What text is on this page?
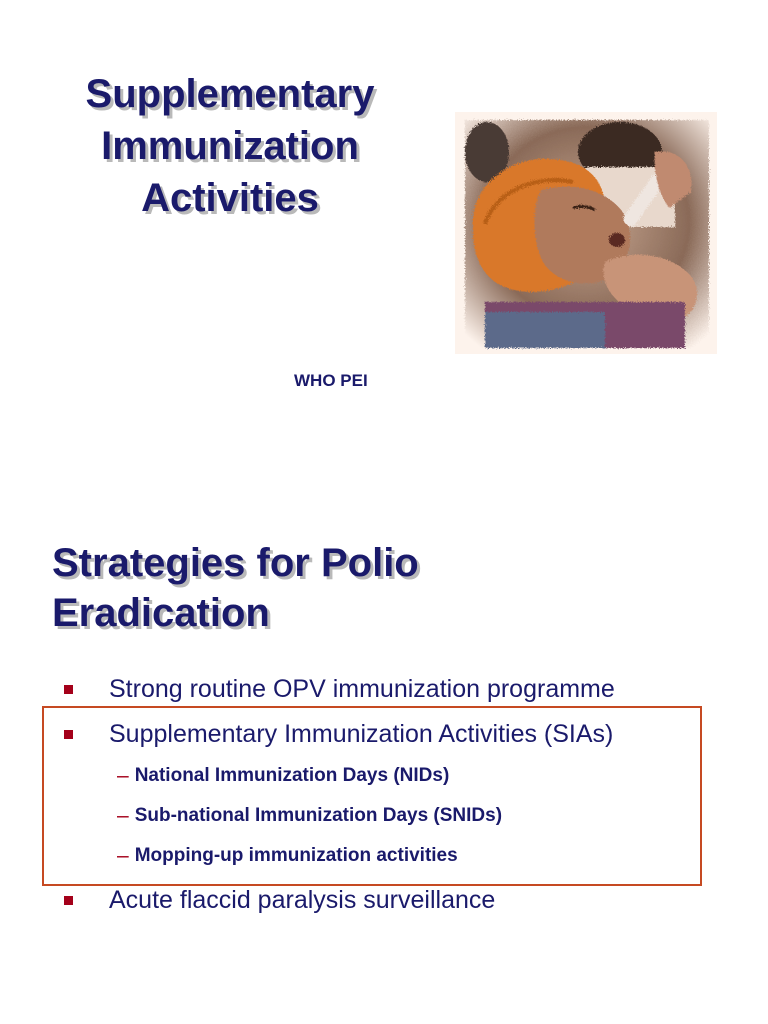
Supplementary
Immunization
Activities

WHO PEI

Strategies for Polio
Eradication
Strong routine OPV immunization programme
Supplementary Immunization Activities (SIAs)
– National Immunization Days (NIDs)
– Sub-national Immunization Days (SNIDs)
– Mopping-up immunization activities
Acute flaccid paralysis surveillance
